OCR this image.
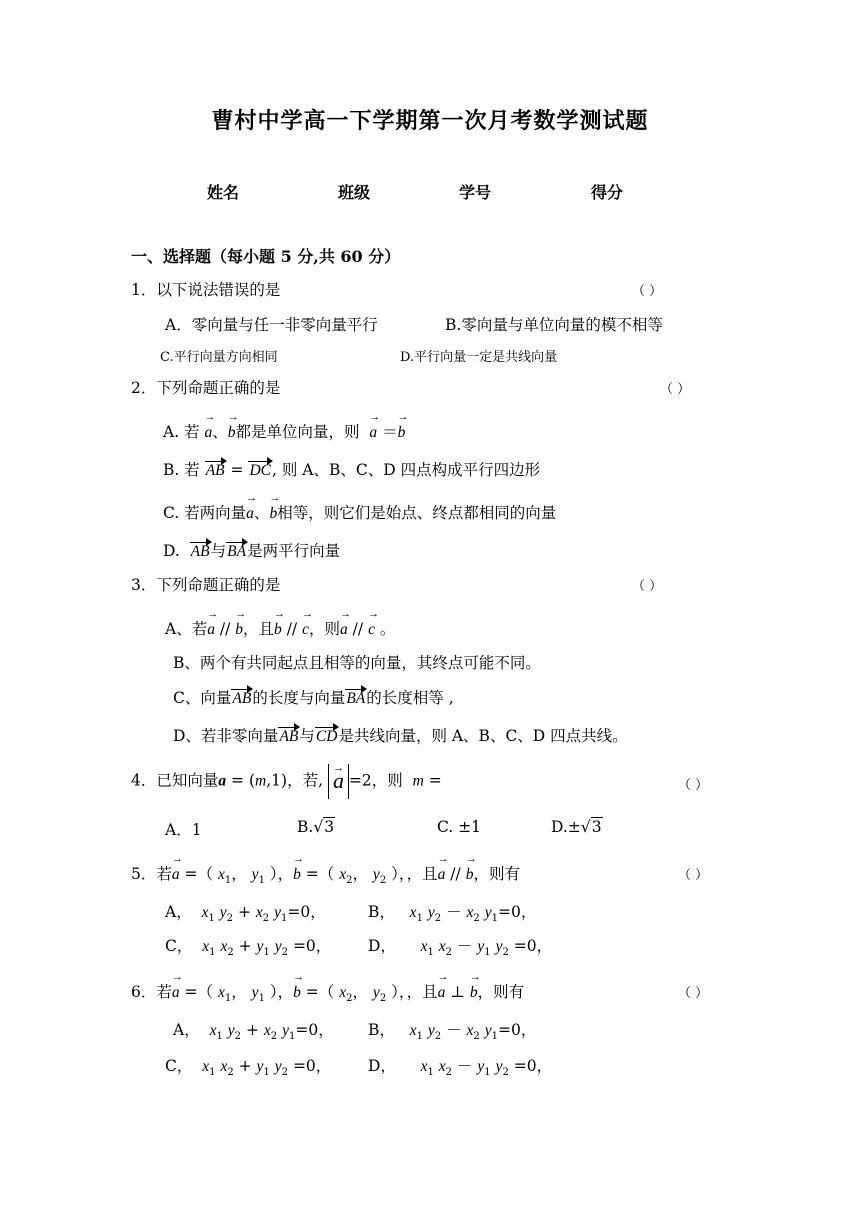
曹村中学高一下学期第一次月考数学测试题
姓名	班级	学号	得分
一、选择题（每小题 5 分,共 60 分）
1．以下说法错误的是	（ ）
A．零向量与任一非零向量平行	B.零向量与单位向量的模不相等
C.平行向量方向相同	D.平行向量一定是共线向量
2．下列命题正确的是	（ ）
A. 若 → a、→ b都是单位向量，则 → a ＝→ b
B. 若 AB = DC, 则 A、B、C、D 四点构成平行四边形
C. 若两向量→ a、→ b相等，则它们是始点、终点都相同的向量
D. AB与BA是两平行向量
3．下列命题正确的是	（ ）
A、若→ a // → b，且→ b // → c，则→ a // → c 。
B、两个有共同起点且相等的向量，其终点可能不同。
C、向量AB的长度与向量BA的长度相等 ,
D、若非零向量AB与CD是共线向量，则 A、B、C、D 四点共线。
4．已知向量a = (m,1)，若, → a =2，则 m =	（ ）
A．1	B.√3	C. ±1	D.±√3
5．若→ a =（ $x_1$， $y_1$ ），→ b =（ $x_2$， $y_2$ ），，且→ a // → b，则有	（ ）
A， $x_1$ $y_2 + x_2$ $y_1=0$，	B， $x_1$ $y_2 - x_2$ $y_1=0$，
C， $x_1$ $x_2 + y_1$ $y_2 =0$， D， $x_1$ $x_2 - y_1$ $y_2 =0$，
6．若→ a =（ $x_1$， $y_1$ ），→ b =（ $x_2$， $y_2$ ），，且→ a ⊥ → b，则有	（ ）
A， $x_1$ $y_2 + x_2$ $y_1=0$， B， $x_1$ $y_2 - x_2$ $y_1=0$，
C， $x_1$ $x_2 + y_1$ $y_2 =0$， D， $x_1$ $x_2 - y_1$ $y_2 =0$，
